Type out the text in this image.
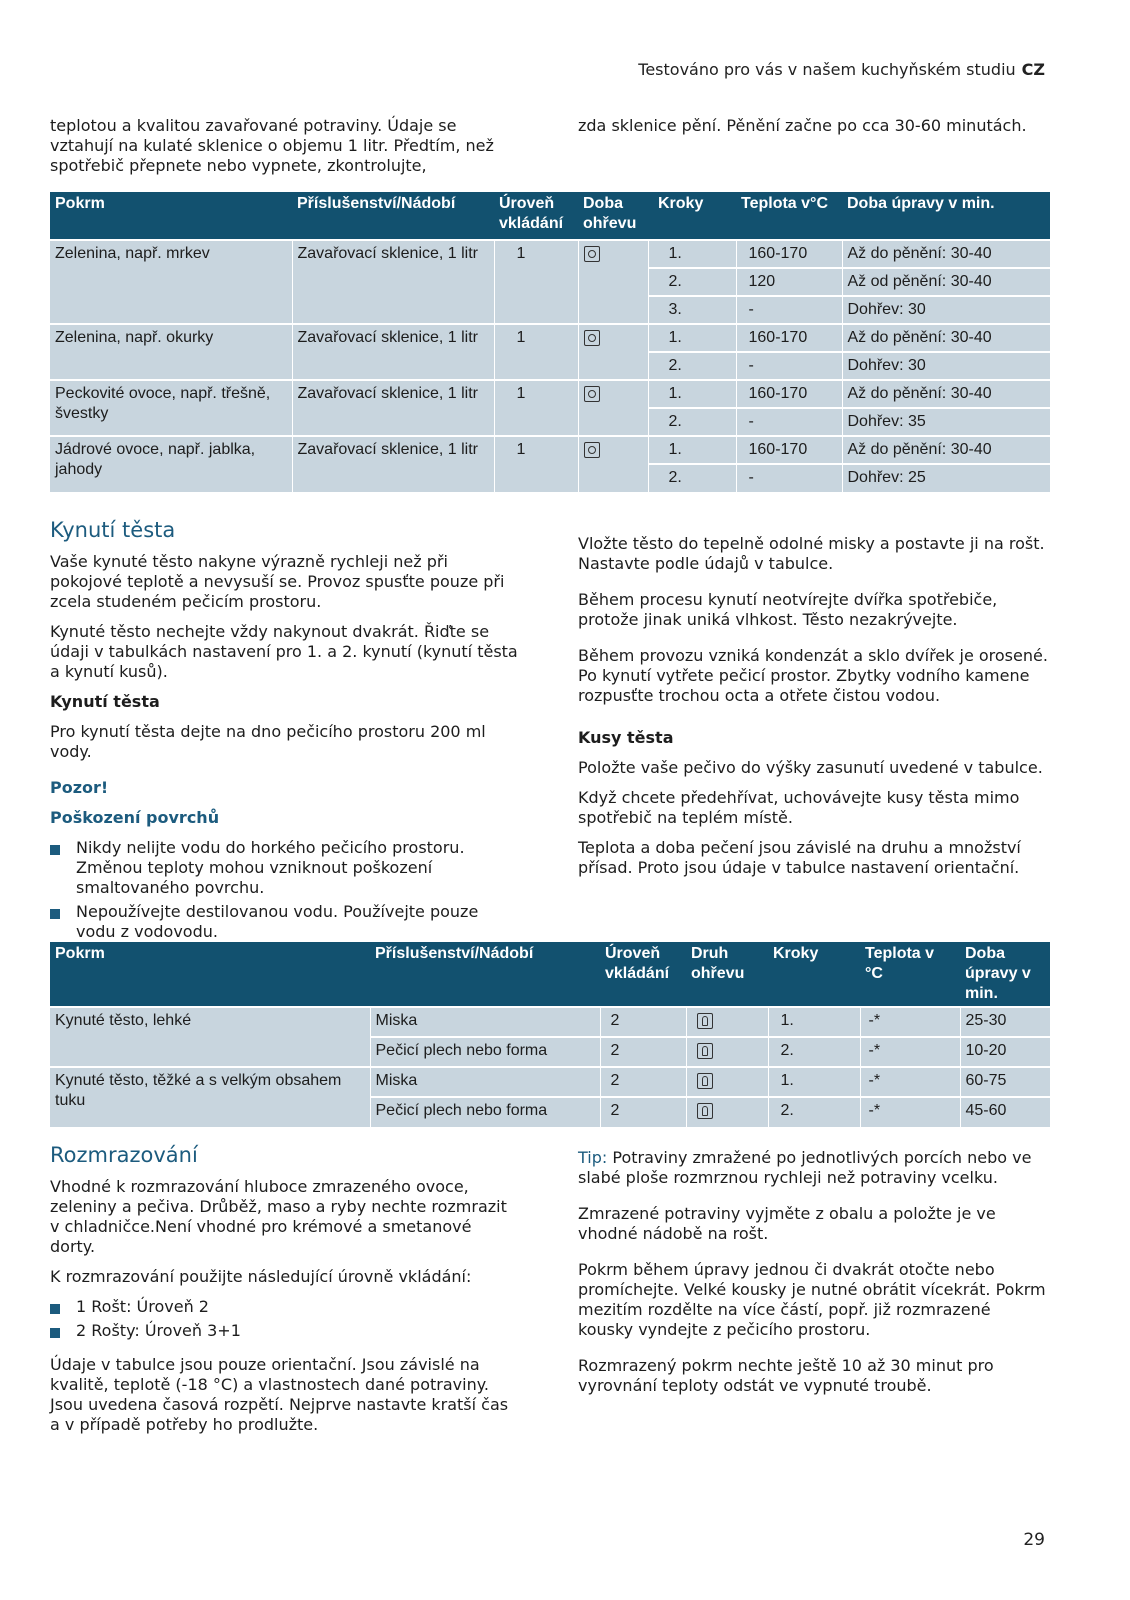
Testováno pro vás v našem kuchyňském studiu CZ

teplotou a kvalitou zavařované potraviny. Údaje se vztahují na kulaté sklenice o objemu 1 litr. Předtím, než spotřebič přepnete nebo vypnete, zkontrolujte,

zda sklenice pění. Pěnění začne po cca 30-60 minutách.

Pokrm	Příslušenství/Nádobí	Úroveň vkládání	Doba ohřevu	Kroky	Teplota v°C	Doba úpravy v min.
Zelenina, např. mrkev	Zavařovací sklenice, 1 litr	1		1.	160-170	Až do pěnění: 30-40
				2.	120	Až od pěnění: 30-40
				3.	-	Dohřev: 30
Zelenina, např. okurky	Zavařovací sklenice, 1 litr	1		1.	160-170	Až do pěnění: 30-40
				2.	-	Dohřev: 30
Peckovité ovoce, např. třešně, švestky	Zavařovací sklenice, 1 litr	1		1.	160-170	Až do pěnění: 30-40
				2.	-	Dohřev: 35
Jádrové ovoce, např. jablka, jahody	Zavařovací sklenice, 1 litr	1		1.	160-170	Až do pěnění: 30-40
				2.	-	Dohřev: 25
Kynutí těsta

Vaše kynuté těsto nakyne výrazně rychleji než při pokojové teplotě a nevysuší se. Provoz spusťte pouze při zcela studeném pečicím prostoru.

Kynuté těsto nechejte vždy nakynout dvakrát. Řiďte se údaji v tabulkách nastavení pro 1. a 2. kynutí (kynutí těsta a kynutí kusů).

Kynutí těsta

Pro kynutí těsta dejte na dno pečicího prostoru 200 ml vody.

Pozor!

Poškození povrchů

Nikdy nelijte vodu do horkého pečicího prostoru. Změnou teploty mohou vzniknout poškození smaltovaného povrchu.
Nepoužívejte destilovanou vodu. Používejte pouze vodu z vodovodu.

Vložte těsto do tepelně odolné misky a postavte ji na rošt. Nastavte podle údajů v tabulce.

Během procesu kynutí neotvírejte dvířka spotřebiče, protože jinak uniká vlhkost. Těsto nezakrývejte.

Během provozu vzniká kondenzát a sklo dvířek je orosené. Po kynutí vytřete pečicí prostor. Zbytky vodního kamene rozpusťte trochou octa a otřete čistou vodou.

Kusy těsta

Položte vaše pečivo do výšky zasunutí uvedené v tabulce.

Když chcete předehřívat, uchovávejte kusy těsta mimo spotřebič na teplém místě.

Teplota a doba pečení jsou závislé na druhu a množství přísad. Proto jsou údaje v tabulce nastavení orientační.

Pokrm	Příslušenství/Nádobí	Úroveň vkládání	Druh ohřevu	Kroky	Teplota v °C	Doba úpravy v min.
Kynuté těsto, lehké	Miska	2		1.	-*	25-30
	Pečicí plech nebo forma	2		2.	-*	10-20
Kynuté těsto, těžké a s velkým obsahem tuku	Miska	2		1.	-*	60-75
	Pečicí plech nebo forma	2		2.	-*	45-60
Rozmrazování

Vhodné k rozmrazování hluboce zmrazeného ovoce, zeleniny a pečiva. Drůběž, maso a ryby nechte rozmrazit v chladničce.Není vhodné pro krémové a smetanové dorty.

K rozmrazování použijte následující úrovně vkládání:

1 Rošt: Úroveň 2
2 Rošty: Úroveň 3+1

Údaje v tabulce jsou pouze orientační. Jsou závislé na kvalitě, teplotě (-18 °C) a vlastnostech dané potraviny. Jsou uvedena časová rozpětí. Nejprve nastavte kratší čas a v případě potřeby ho prodlužte.

Tip: Potraviny zmražené po jednotlivých porcích nebo ve slabé ploše rozmrznou rychleji než potraviny vcelku.

Zmrazené potraviny vyjměte z obalu a položte je ve vhodné nádobě na rošt.

Pokrm během úpravy jednou či dvakrát otočte nebo promíchejte. Velké kousky je nutné obrátit vícekrát. Pokrm mezitím rozdělte na více částí, popř. již rozmrazené kousky vyndejte z pečicího prostoru.

Rozmrazený pokrm nechte ještě 10 až 30 minut pro vyrovnání teploty odstát ve vypnuté troubě.

29
